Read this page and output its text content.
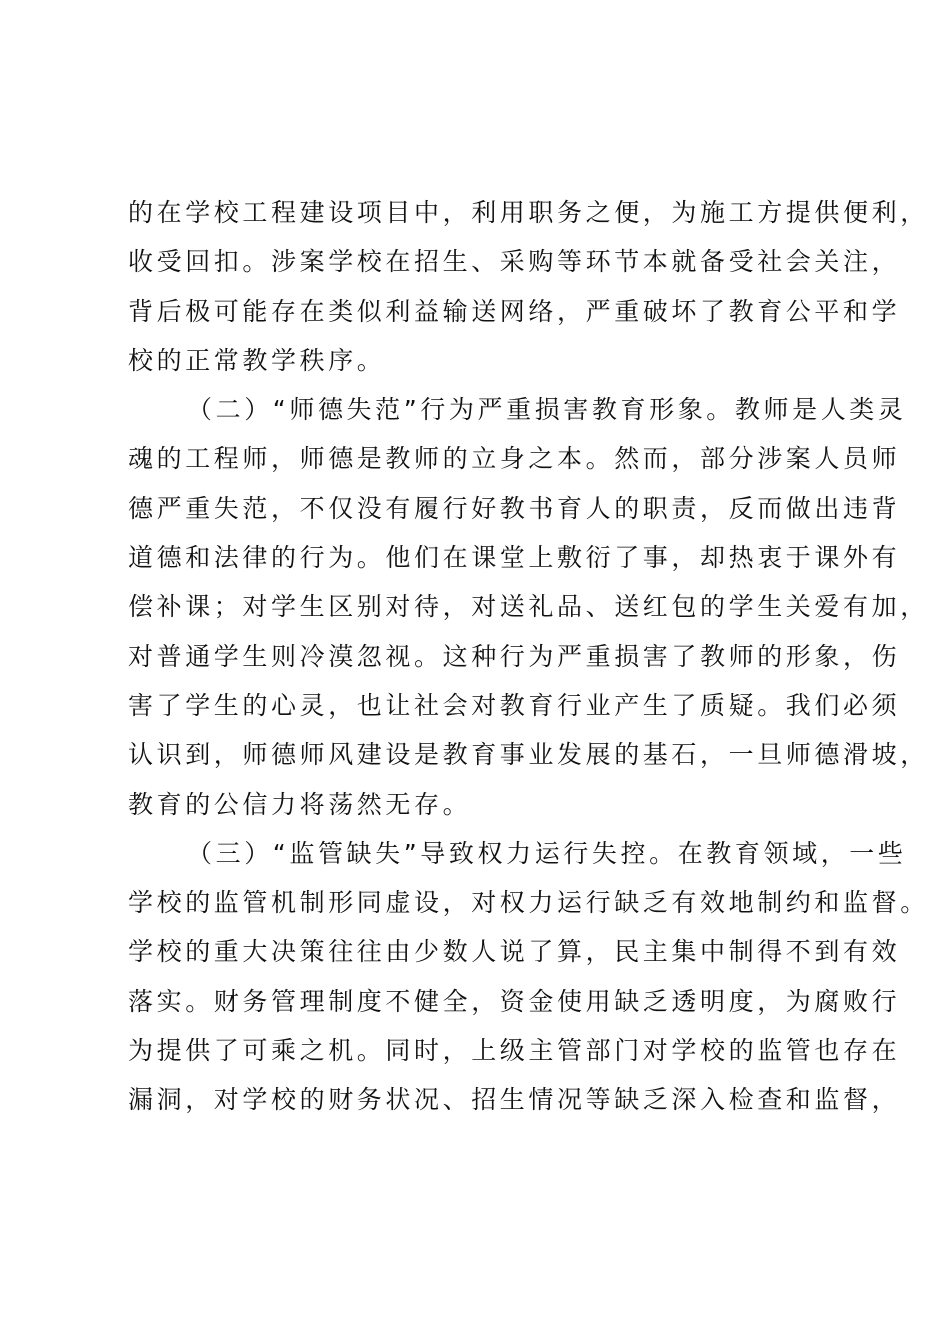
的在学校工程建设项目中，利用职务之便，为施工方提供便利，
收受回扣。涉案学校在招生、采购等环节本就备受社会关注，
背后极可能存在类似利益输送网络，严重破坏了教育公平和学
校的正常教学秩序。
（二）“师德失范”行为严重损害教育形象。教师是人类灵
魂的工程师，师德是教师的立身之本。然而，部分涉案人员师
德严重失范，不仅没有履行好教书育人的职责，反而做出违背
道德和法律的行为。他们在课堂上敷衍了事，却热衷于课外有
偿补课；对学生区别对待，对送礼品、送红包的学生关爱有加，
对普通学生则冷漠忽视。这种行为严重损害了教师的形象，伤
害了学生的心灵，也让社会对教育行业产生了质疑。我们必须
认识到，师德师风建设是教育事业发展的基石，一旦师德滑坡，
教育的公信力将荡然无存。
（三）“监管缺失”导致权力运行失控。在教育领域，一些
学校的监管机制形同虚设，对权力运行缺乏有效地制约和监督。
学校的重大决策往往由少数人说了算，民主集中制得不到有效
落实。财务管理制度不健全，资金使用缺乏透明度，为腐败行
为提供了可乘之机。同时，上级主管部门对学校的监管也存在
漏洞，对学校的财务状况、招生情况等缺乏深入检查和监督，
